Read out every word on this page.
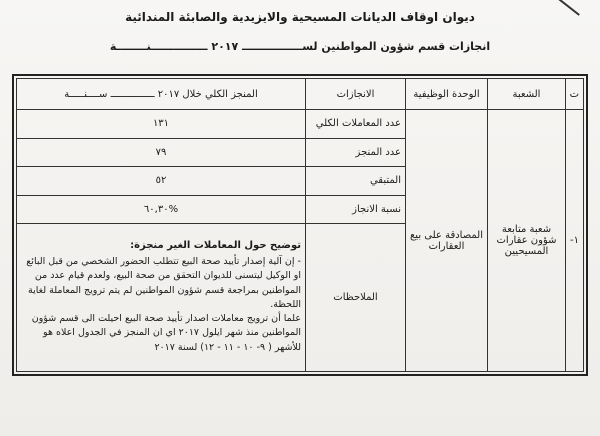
ديوان اوقاف الديانات المسيحية والايزيدية والصابئة المندائية
انجازات قسم شؤون المواطنين لســــــــــــــــ ٢٠١٧ ـــــــــــــــنــــــــة
ت	الشعبة	الوحدة الوظيفية	الانجازات	المنجز الكلي خلال ٢٠١٧ ـــــــــــــــ ســــنـــــة
١-	شعبة متابعة شؤون عقارات المسيحيين	المصادقة على بيع العقارات	عدد المعاملات الكلي	١٣١
			عدد المنجز	٧٩
			المتبقي	٥٢
			نسبة الانجاز	%٦٠,٣٠
			الملاحظات	توضيح حول المعاملات الغير منجزة:
- إن آلية إصدار تأييد صحة البيع تتطلب الحضور الشخصي من قبل البائع او الوكيل ليتسنى للديوان التحقق من صحة البيع، ولعدم قيام عدد من المواطنين بمراجعة قسم شؤون المواطنين لم يتم ترويج المعاملة لغاية اللحظة.
علما أن ترويج معاملات اصدار تأييد صحة البيع احيلت الى قسم شؤون المواطنين منذ شهر ايلول ٢٠١٧ اي ان المنجز في الجدول اعلاه هو للأشهر ( ٩- ١٠ - ١١ - ١٢) لسنة ٢٠١٧
